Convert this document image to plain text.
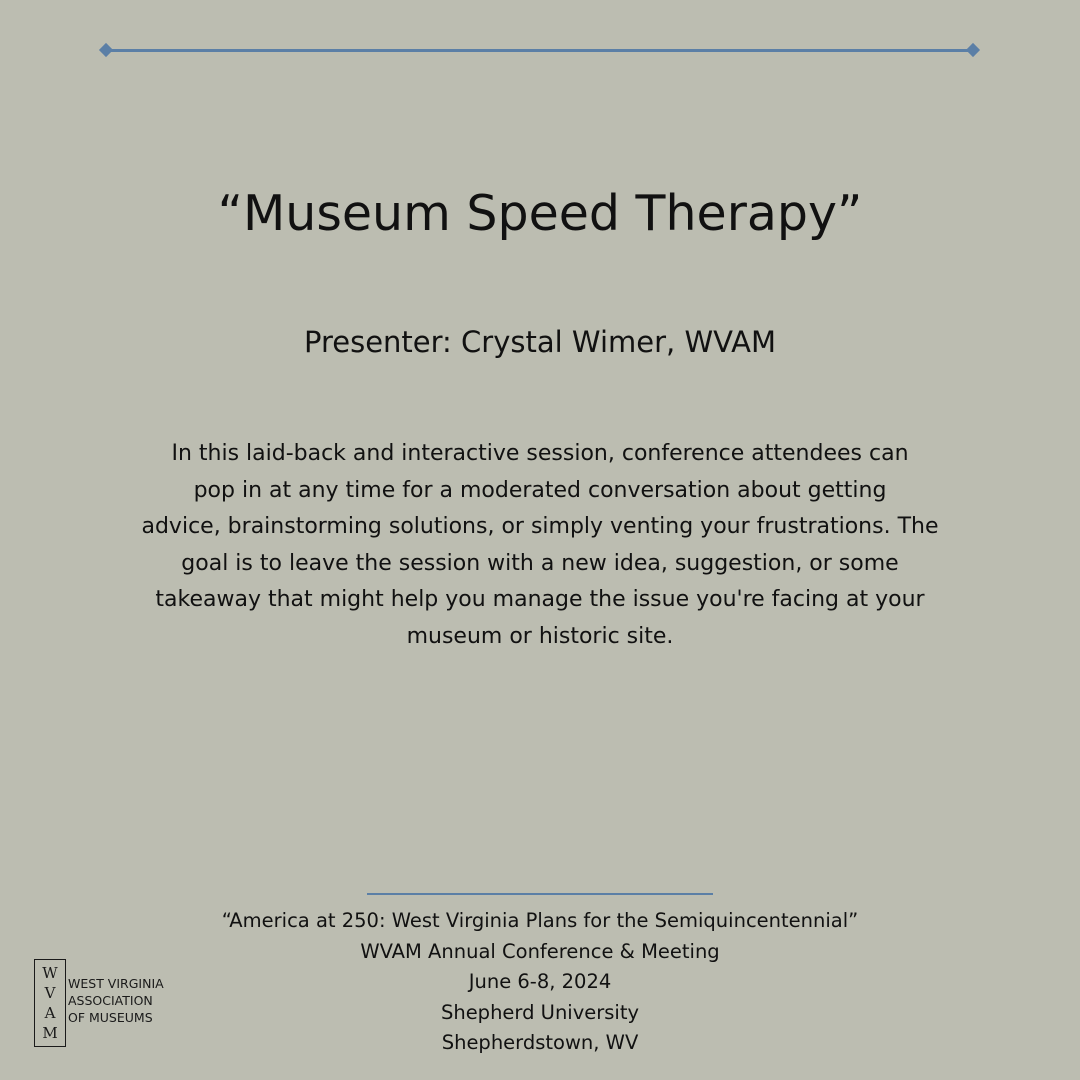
“Museum Speed Therapy”
Presenter: Crystal Wimer, WVAM
In this laid-back and interactive session, conference attendees can
pop in at any time for a moderated conversation about getting
advice, brainstorming solutions, or simply venting your frustrations. The
goal is to leave the session with a new idea, suggestion, or some
takeaway that might help you manage the issue you're facing at your
museum or historic site.
“America at 250: West Virginia Plans for the Semiquincentennial”
WVAM Annual Conference & Meeting
June 6-8, 2024
Shepherd University
Shepherdstown, WV
W
V
A
M
WEST VIRGINIA
ASSOCIATION
OF MUSEUMS
